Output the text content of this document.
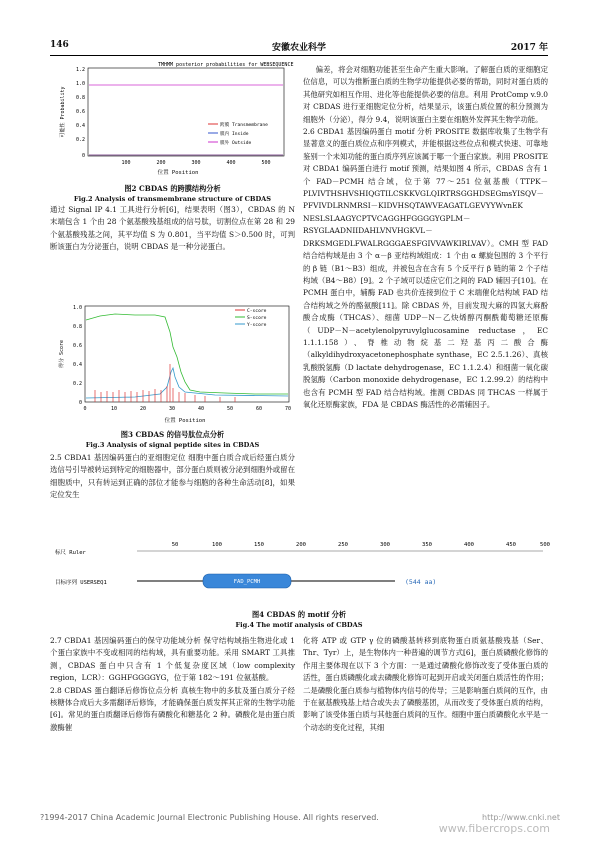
146	安徽农业科学	2017 年
TMHMM posterior probabilities for WEBSEQUENCE
可能性 Probability
1.2
1.0
0.8
0.6
0.4
0.2
0
100	200	300	400	500
位置 Position
跨膜 Transmembrane
膜内 Inside
膜外 Outside
图2 CBDAS 的跨膜结构分析
Fig.2 Analysis of transmembrane structure of CBDAS

通过 Signal IP 4.1 工具进行分析[6]，结果表明（图3），CBDAS 的 N 末端包含 1 个由 28 个氨基酸残基组成的信号肽，切割位点在第 28 和 29 个氨基酸残基之间，其平均值 S 为 0.801，当平均值 S＞0.500 时，可判断该蛋白为分泌蛋白，说明 CBDAS 是一种分泌蛋白。

得分 Score
1.0
0.8
0.6
0.4
0.2
0
0	10	20	30	40	50	60	70
位置 Position
C-score
S-score
Y-score
图3 CBDAS 的信号肽位点分析
Fig.3 Analysis of signal peptide sites in CBDAS

2.5 CBDA1 基因编码蛋白的亚细胞定位 细胞中蛋白质合成后经蛋白质分选信号引导被转运到特定的细胞器中，部分蛋白质则被分泌到细胞外或留在细胞质中，只有转运到正确的部位才能参与细胞的各种生命活动[8]，如果定位发生

偏差，将会对细胞功能甚至生命产生重大影响。了解蛋白质的亚细胞定位信息，可以为推断蛋白质的生物学功能提供必要的帮助，同时对蛋白质的其他研究如相互作用、进化等也能提供必要的信息。利用 ProtComp v.9.0 对 CBDAS 进行亚细胞定位分析，结果显示，该蛋白质位置的积分预测为细胞外（分泌），得分 9.4，说明该蛋白主要在细胞外发挥其生物学功能。

2.6 CBDA1 基因编码蛋白 motif 分析 PROSITE 数据库收集了生物学有显著意义的蛋白质位点和序列模式，并能根据这些位点和模式快速、可靠地鉴别一个未知功能的蛋白质序列应该属于哪一个蛋白家族。利用 PROSITE 对 CBDA1 编码蛋白进行 motif 预测，结果如图 4 所示，CBDAS 含有 1 个 FAD－PCMH 结合域，位于第 77～251 位氨基酸（TTPK－PLVIVTHSHVSHIQGTILCSKKVGLQIRTRSGGHDSEGmsYISQV－PFVIVDLRNMRSI－KIDVHSQTAWVEAGATLGEVYYWvnEK NESLSLAAGYCPTVCAGGHFGGGGYGPLM－RSYGLAADNIIDAHLVNVHGKVL－DRKSMGEDLFWALRGGGAESFGIVVAWKIRLVAV）。CMH 型 FAD 结合结构域是由 3 个 α－β 亚结构域组成：1 个由 α 螺旋包围的 3 个平行的 β 链（B1～B3）组成，并被包含在含有 5 个反平行 β 链的第 2 个子结构域（B4～B8）[9]。2 个子域可以适应它们之间的 FAD 辅因子[10]。在 PCMH 蛋白中，辅酶 FAD 也共价连接到位于 C 末端催化结构域 FAD 结合结构域之外的酪氨酸[11]。除 CBDAS 外，目前发现大麻的四氢大麻酚酸合成酶（THCAS）、细菌 UDP－N－乙炔烯醇丙酮酰葡萄糖还原酶（UDP－N－acetylenolpyruvylglucosamine reductase，EC 1.1.1.158）、脊椎动物烷基二羟基丙二酸合酶（alkyldihydroxyacetonephosphate synthase，EC 2.5.1.26）、真核乳酸脱氢酶（D lactate dehydrogenase，EC 1.1.2.4）和细菌一氧化碳脱氢酶（Carbon monoxide dehydrogenase，EC 1.2.99.2）的结构中也含有 PCMH 型 FAD 结合结构域。推测 CBDAS 同 THCAS 一样属于氧化还原酶家族，FDA 是 CBDAS 酶活性的必需辅因子。

标尺 Ruler
50	100	150	200	250	300	350	400	450	500
目标序列 USERSEQ1	FAD_PCMH	(544 aa)
图4 CBDAS 的 motif 分析
Fig.4 The motif analysis of CBDAS

2.7 CBDA1 基因编码蛋白的保守功能域分析 保守结构域指生物进化或 1 个蛋白家族中不变或相同的结构域，具有重要功能。采用 SMART 工具推测，CBDAS 蛋白中只含有 1 个低复杂度区域（low complexity region，LCR）：GGHFGGGGYG，位于第 182～191 位氨基酸。

2.8 CBDAS 蛋白翻译后修饰位点分析 真核生物中的多肽及蛋白质分子经核糖体合成后大多需翻译后修饰，才能确保蛋白质发挥其正常的生物学功能[6]。常见的蛋白质翻译后修饰有磷酸化和糖基化 2 种。磷酸化是由蛋白质激酶催

化将 ATP 或 GTP γ 位的磷酸基转移到底物蛋白质氨基酸残基（Ser、Thr、Tyr）上，是生物体内一种普遍的调节方式[6]，蛋白质磷酸化修饰的作用主要体现在以下 3 个方面：一是通过磷酸化修饰改变了受体蛋白质的活性，蛋白质磷酸化或去磷酸化修饰可起到开启或关闭蛋白质活性的作用；二是磷酸化蛋白质参与植物体内信号的传导；三是影响蛋白质间的互作，由于在氨基酸残基上结合或失去了磷酸基团，从而改变了受体蛋白质的结构，影响了该受体蛋白质与其他蛋白质间的互作。细胞中蛋白质磷酸化水平是一个动态的变化过程，其细

?1994-2017 China Academic Journal Electronic Publishing House. All rights reserved.	http://www.cnki.net
www.fibercrops.com
